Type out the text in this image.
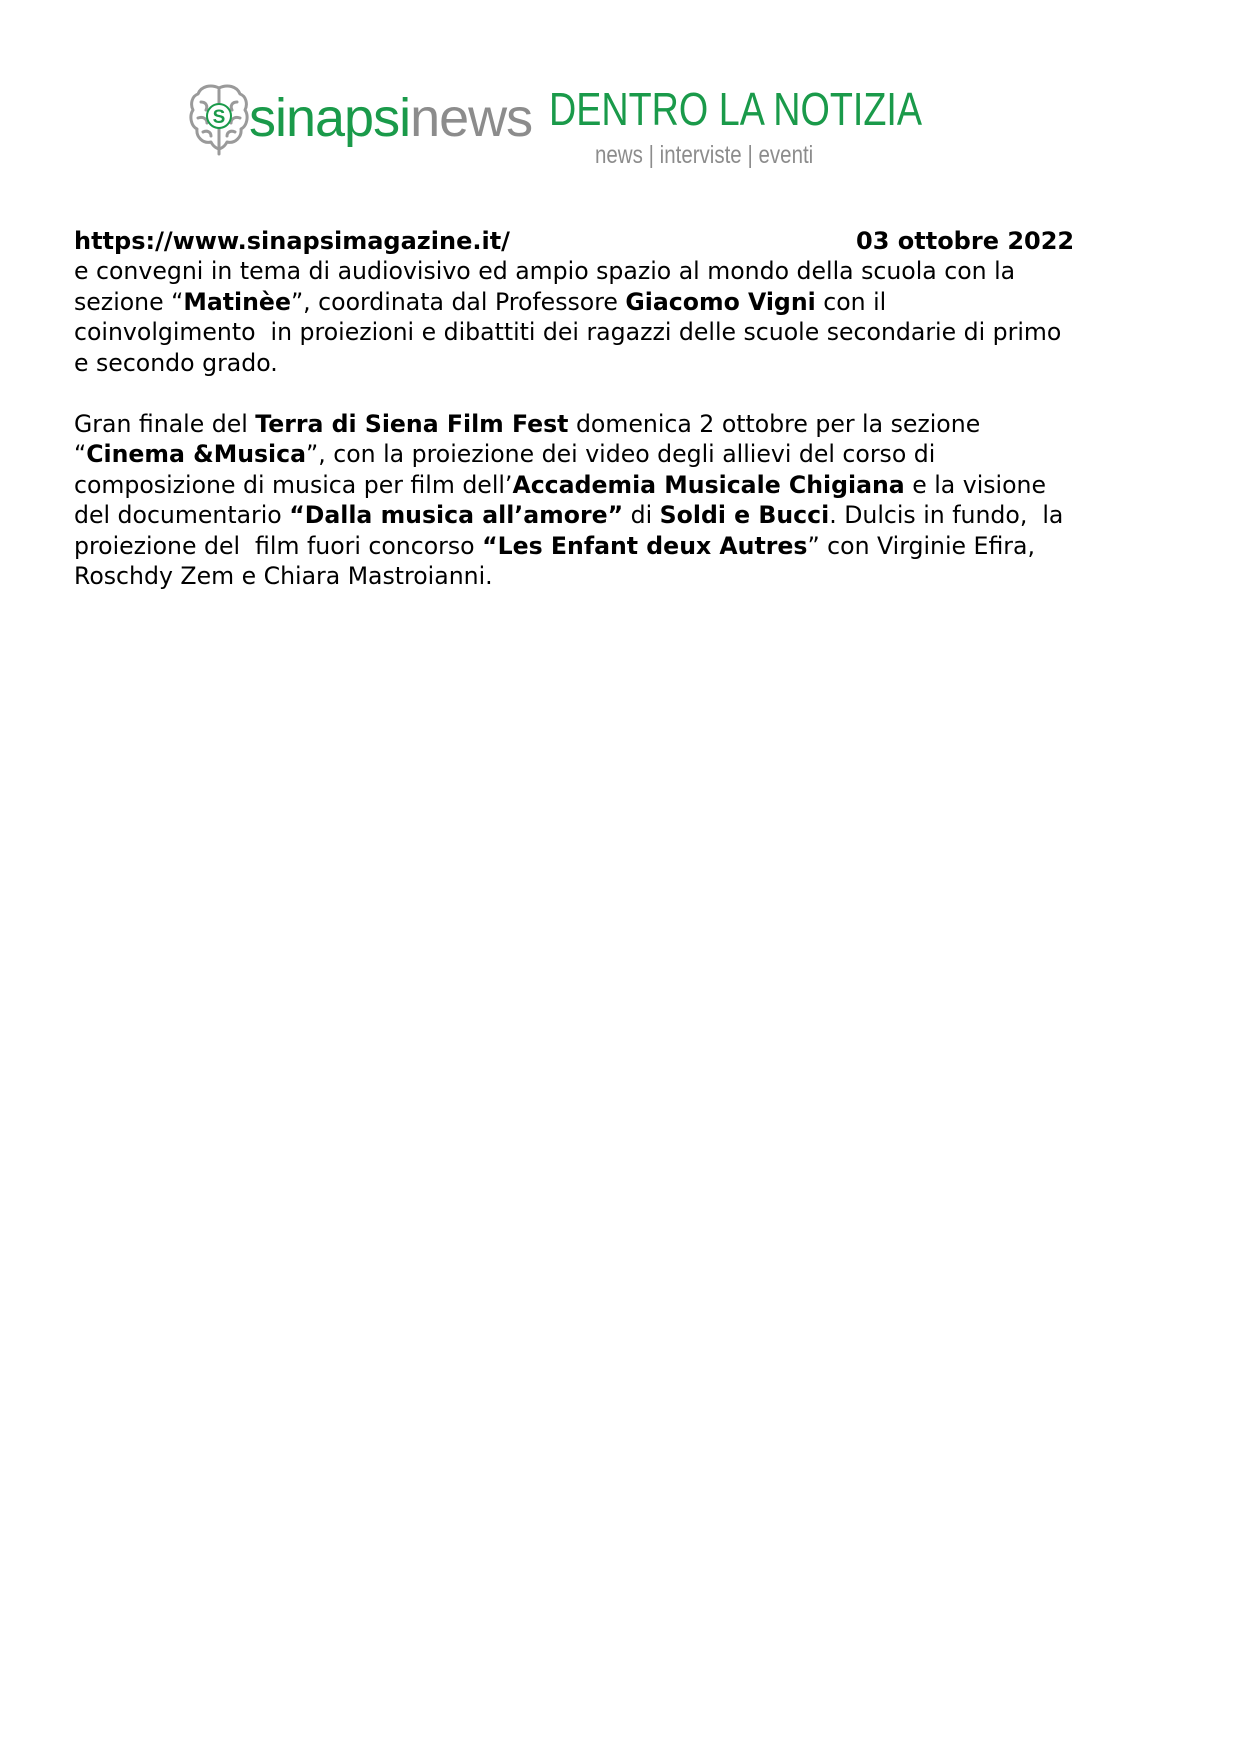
S sinapsinews DENTRO LA NOTIZIA
news | interviste | eventi
https://www.sinapsimagazine.it/	03 ottobre 2022

e convegni in tema di audiovisivo ed ampio spazio al mondo della scuola con la
sezione “Matinèe”, coordinata dal Professore Giacomo Vigni con il
coinvolgimento  in proiezioni e dibattiti dei ragazzi delle scuole secondarie di primo
e secondo grado.

Gran finale del Terra di Siena Film Fest domenica 2 ottobre per la sezione
“Cinema &Musica”, con la proiezione dei video degli allievi del corso di
composizione di musica per film dell’Accademia Musicale Chigiana e la visione
del documentario “Dalla musica all’amore” di Soldi e Bucci. Dulcis in fundo,  la
proiezione del  film fuori concorso “Les Enfant deux Autres” con Virginie Efira,
Roschdy Zem e Chiara Mastroianni.
